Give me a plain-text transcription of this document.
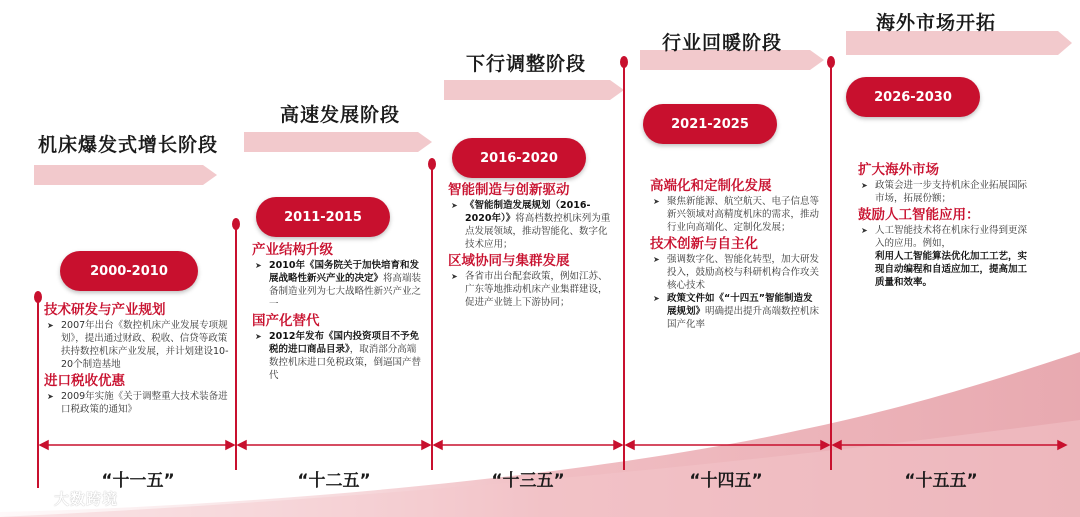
机床爆发式增长阶段
高速发展阶段
下行调整阶段
行业回暖阶段
海外市场开拓
2000-2010
2011-2015
2016-2020
2021-2025
2026-2030
技术研发与产业规划
➤ 2007年出台《数控机床产业发展专项规划》，提出通过财政、税收、信贷等政策扶持数控机床产业发展，并计划建设10-20个制造基地
进口税收优惠
➤ 2009年实施《关于调整重大技术装备进口税政策的通知》
产业结构升级
➤ 2010年《国务院关于加快培育和发展战略性新兴产业的决定》将高端装备制造业列为七大战略性新兴产业之一
国产化替代
➤ 2012年发布《国内投资项目不予免税的进口商品目录》，取消部分高端数控机床进口免税政策，倒逼国产替代
智能制造与创新驱动
➤ 《智能制造发展规划（2016-2020年）》将高档数控机床列为重点发展领域，推动智能化、数字化技术应用；
区域协同与集群发展
➤ 各省市出台配套政策，例如江苏、广东等地推动机床产业集群建设，促进产业链上下游协同；
高端化和定制化发展
➤ 聚焦新能源、航空航天、电子信息等新兴领域对高精度机床的需求，推动行业向高端化、定制化发展；
技术创新与自主化
➤ 强调数字化、智能化转型，加大研发投入，鼓励高校与科研机构合作攻关核心技术
➤ 政策文件如《“十四五”智能制造发展规划》明确提出提升高端数控机床国产化率
扩大海外市场
➤ 政策会进一步支持机床企业拓展国际市场，拓展份额；
鼓励人工智能应用：
➤ 人工智能技术将在机床行业得到更深入的应用。例如，
利用人工智能算法优化加工工艺，实现自动编程和自适应加工，提高加工质量和效率。
“十一五”	“十二五”	“十三五”	“十四五”	“十五五”
大数跨境
